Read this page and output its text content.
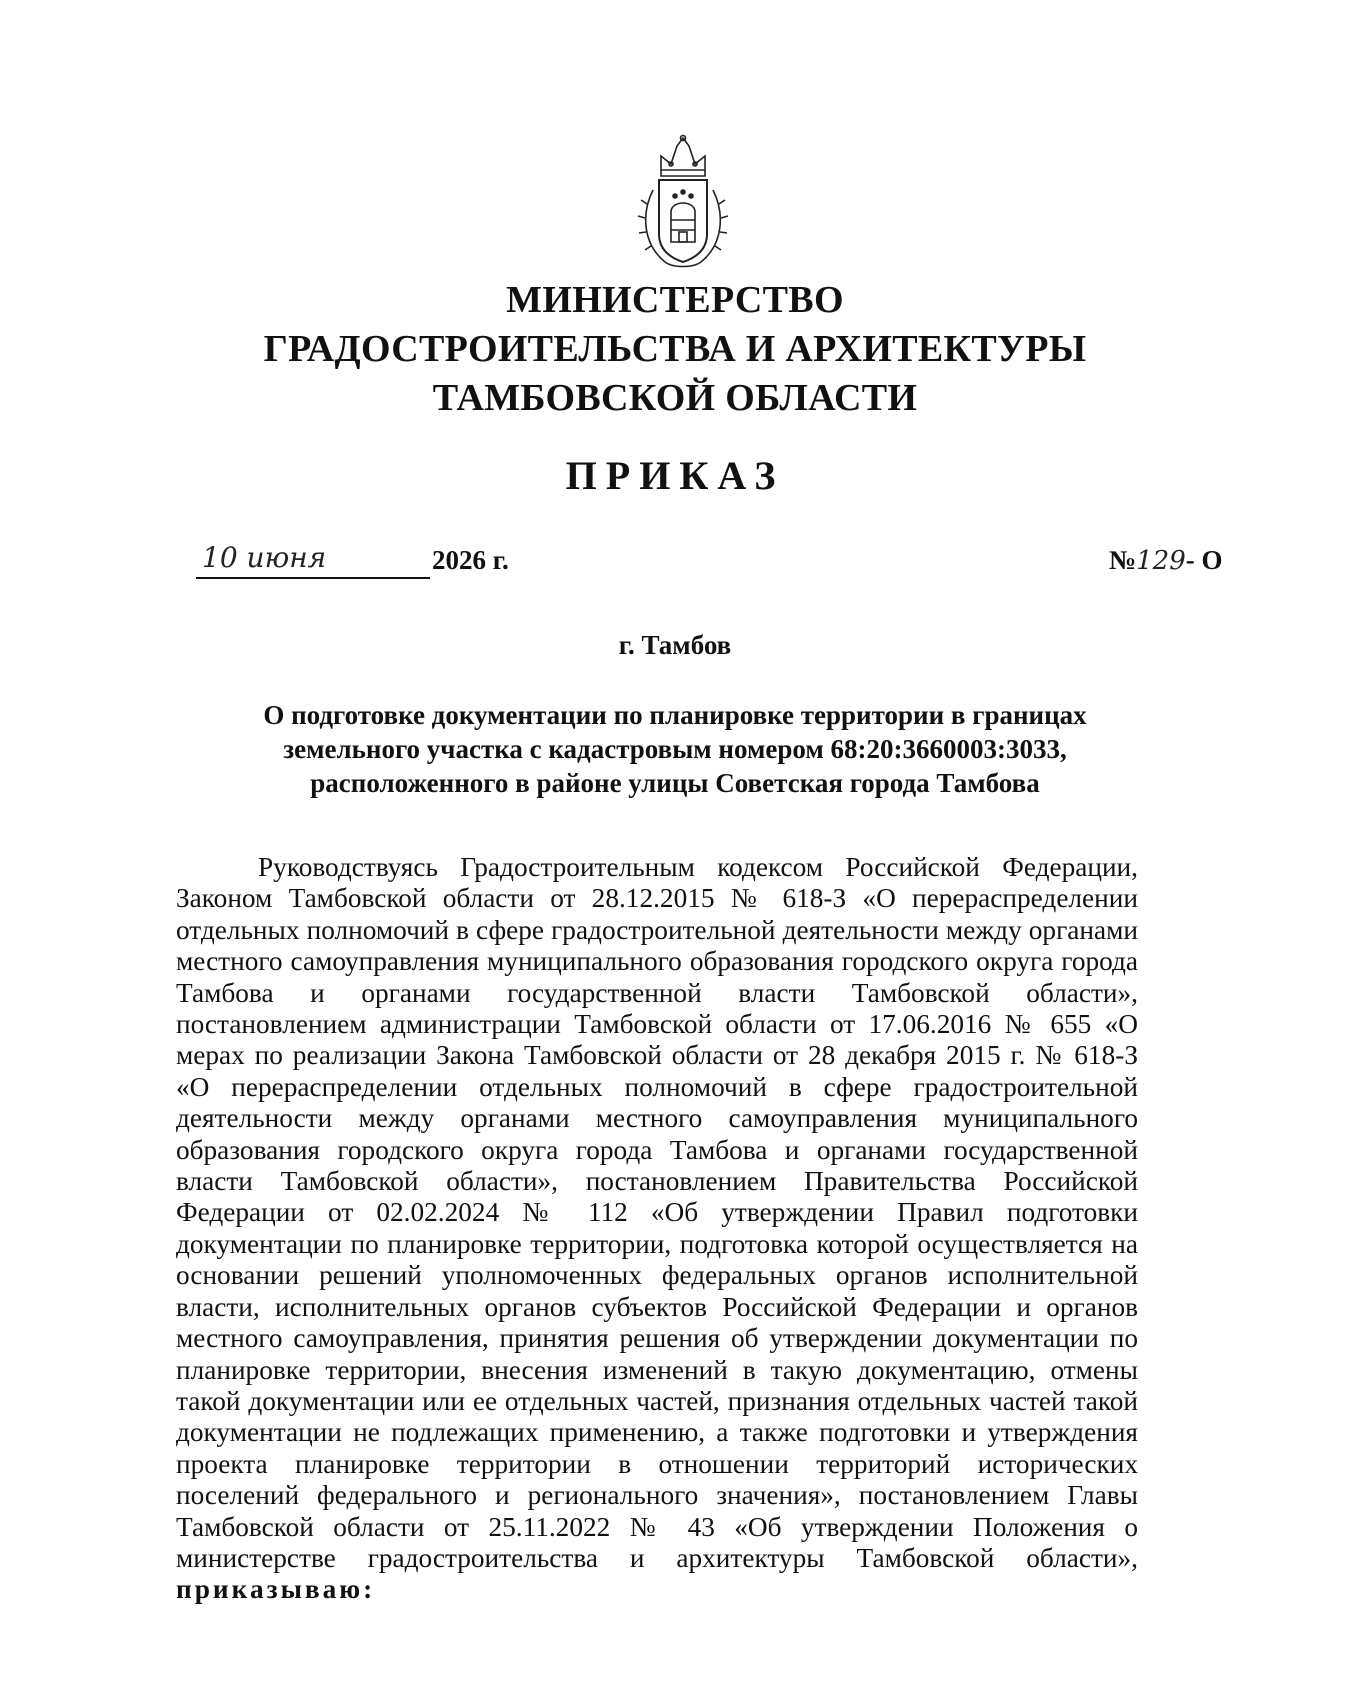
МИНИСТЕРСТВО
ГРАДОСТРОИТЕЛЬСТВА И АРХИТЕКТУРЫ
ТАМБОВСКОЙ ОБЛАСТИ
ПРИКАЗ
10 июня	2026 г.	№129- О
г. Тамбов
О подготовке документации по планировке территории в границах
земельного участка с кадастровым номером 68:20:3660003:3033,
расположенного в районе улицы Советская города Тамбова
Руководствуясь Градостроительным кодексом Российской Федерации, Законом Тамбовской области от 28.12.2015 № 618-З «О перераспределении отдельных полномочий в сфере градостроительной деятельности между органами местного самоуправления муниципального образования городского округа города Тамбова и органами государственной власти Тамбовской области», постановлением администрации Тамбовской области от 17.06.2016 № 655 «О мерах по реализации Закона Тамбовской области от 28 декабря 2015 г. № 618-З «О перераспределении отдельных полномочий в сфере градостроительной деятельности между органами местного самоуправления муниципального образования городского округа города Тамбова и органами государственной власти Тамбовской области», постановлением Правительства Российской Федерации от 02.02.2024 № 112 «Об утверждении Правил подготовки документации по планировке территории, подготовка которой осуществляется на основании решений уполномоченных федеральных органов исполнительной власти, исполнительных органов субъектов Российской Федерации и органов местного самоуправления, принятия решения об утверждении документации по планировке территории, внесения изменений в такую документацию, отмены такой документации или ее отдельных частей, признания отдельных частей такой документации не подлежащих применению, а также подготовки и утверждения проекта планировке территории в отношении территорий исторических поселений федерального и регионального значения», постановлением Главы Тамбовской области от 25.11.2022 № 43 «Об утверждении Положения о министерстве градостроительства и архитектуры Тамбовской области», приказываю:
